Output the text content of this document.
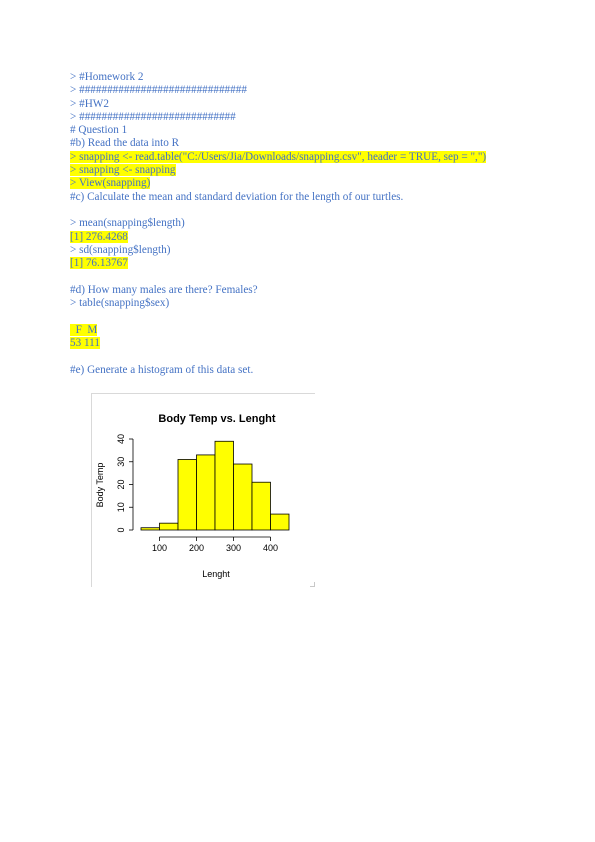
> #Homework 2
> ##############################
> #HW2
> ############################
# Question 1
#b) Read the data into R
> snapping <- read.table("C:/Users/Jia/Downloads/snapping.csv", header = TRUE, sep = ",")
> snapping <- snapping
> View(snapping)
#c) Calculate the mean and standard deviation for the length of our turtles.
> mean(snapping$length)
[1] 276.4268
> sd(snapping$length)
[1] 76.13767
#d) How many males are there? Females?
> table(snapping$sex)
F  M
53 111
#e) Generate a histogram of this data set.
Body Temp vs. Lenght
Lenght
Body Temp
100 200 300 400
0
10
20
30
40
